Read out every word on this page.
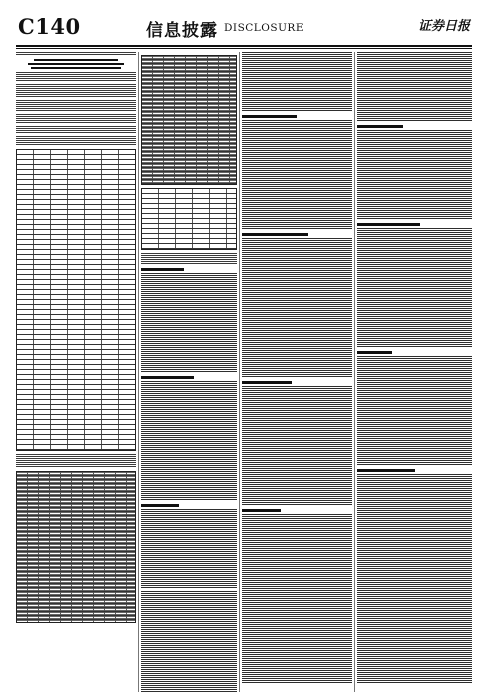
C140	信息披露 DISCLOSURE	证券日报
